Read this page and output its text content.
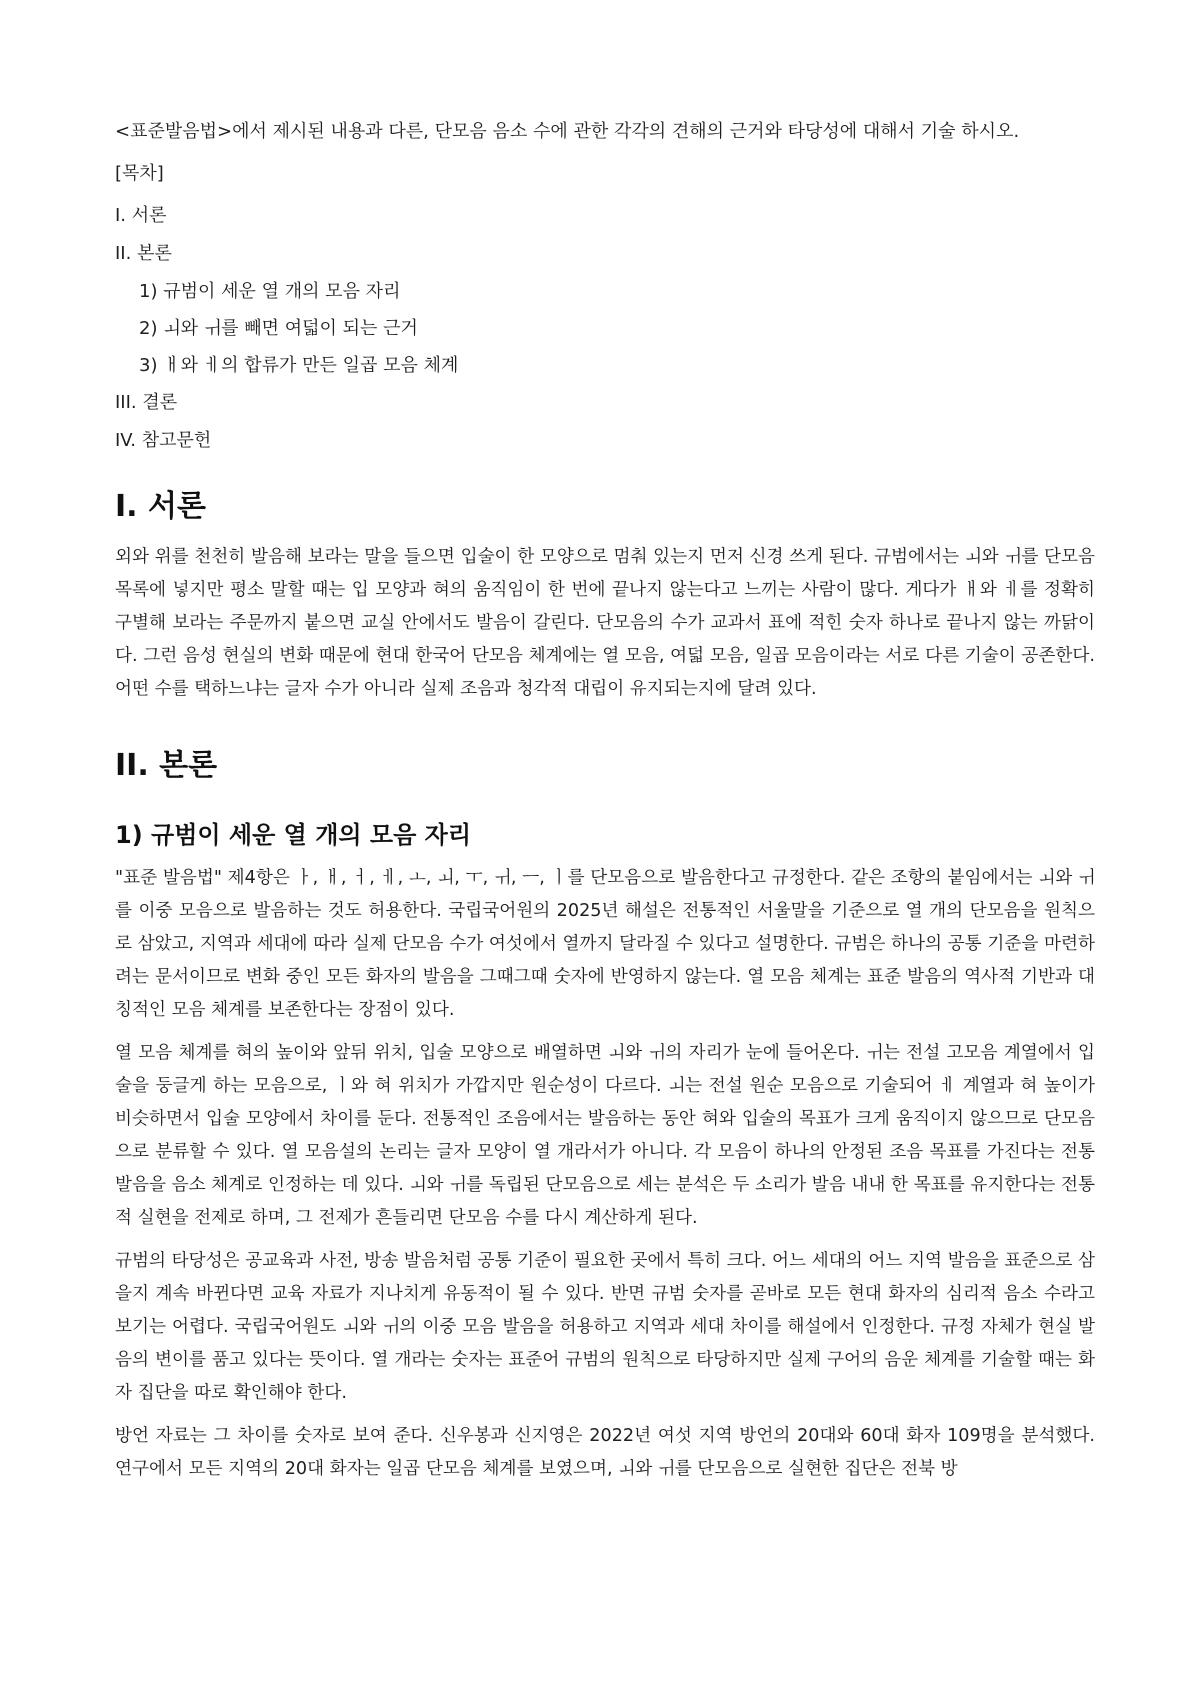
<표준발음법>에서 제시된 내용과 다른, 단모음 음소 수에 관한 각각의 견해의 근거와 타당성에 대해서 기술 하시오.

[목차]

I. 서론
II. 본론
1) 규범이 세운 열 개의 모음 자리
2) ㅚ와 ㅟ를 빼면 여덟이 되는 근거
3) ㅐ와 ㅔ의 합류가 만든 일곱 모음 체계
III. 결론
IV. 참고문헌
I. 서론

외와 위를 천천히 발음해 보라는 말을 들으면 입술이 한 모양으로 멈춰 있는지 먼저 신경 쓰게 된다. 규범에서는 ㅚ와 ㅟ를 단모음 목록에 넣지만 평소 말할 때는 입 모양과 혀의 움직임이 한 번에 끝나지 않는다고 느끼는 사람이 많다. 게다가 ㅐ와 ㅔ를 정확히 구별해 보라는 주문까지 붙으면 교실 안에서도 발음이 갈린다. 단모음의 수가 교과서 표에 적힌 숫자 하나로 끝나지 않는 까닭이다. 그런 음성 현실의 변화 때문에 현대 한국어 단모음 체계에는 열 모음, 여덟 모음, 일곱 모음이라는 서로 다른 기술이 공존한다. 어떤 수를 택하느냐는 글자 수가 아니라 실제 조음과 청각적 대립이 유지되는지에 달려 있다.

II. 본론
1) 규범이 세운 열 개의 모음 자리

"표준 발음법" 제4항은 ㅏ, ㅐ, ㅓ, ㅔ, ㅗ, ㅚ, ㅜ, ㅟ, ㅡ, ㅣ를 단모음으로 발음한다고 규정한다. 같은 조항의 붙임에서는 ㅚ와 ㅟ를 이중 모음으로 발음하는 것도 허용한다. 국립국어원의 2025년 해설은 전통적인 서울말을 기준으로 열 개의 단모음을 원칙으로 삼았고, 지역과 세대에 따라 실제 단모음 수가 여섯에서 열까지 달라질 수 있다고 설명한다. 규범은 하나의 공통 기준을 마련하려는 문서이므로 변화 중인 모든 화자의 발음을 그때그때 숫자에 반영하지 않는다. 열 모음 체계는 표준 발음의 역사적 기반과 대칭적인 모음 체계를 보존한다는 장점이 있다.

열 모음 체계를 혀의 높이와 앞뒤 위치, 입술 모양으로 배열하면 ㅚ와 ㅟ의 자리가 눈에 들어온다. ㅟ는 전설 고모음 계열에서 입술을 둥글게 하는 모음으로, ㅣ와 혀 위치가 가깝지만 원순성이 다르다. ㅚ는 전설 원순 모음으로 기술되어 ㅔ 계열과 혀 높이가 비슷하면서 입술 모양에서 차이를 둔다. 전통적인 조음에서는 발음하는 동안 혀와 입술의 목표가 크게 움직이지 않으므로 단모음으로 분류할 수 있다. 열 모음설의 논리는 글자 모양이 열 개라서가 아니다. 각 모음이 하나의 안정된 조음 목표를 가진다는 전통 발음을 음소 체계로 인정하는 데 있다. ㅚ와 ㅟ를 독립된 단모음으로 세는 분석은 두 소리가 발음 내내 한 목표를 유지한다는 전통적 실현을 전제로 하며, 그 전제가 흔들리면 단모음 수를 다시 계산하게 된다.

규범의 타당성은 공교육과 사전, 방송 발음처럼 공통 기준이 필요한 곳에서 특히 크다. 어느 세대의 어느 지역 발음을 표준으로 삼을지 계속 바뀐다면 교육 자료가 지나치게 유동적이 될 수 있다. 반면 규범 숫자를 곧바로 모든 현대 화자의 심리적 음소 수라고 보기는 어렵다. 국립국어원도 ㅚ와 ㅟ의 이중 모음 발음을 허용하고 지역과 세대 차이를 해설에서 인정한다. 규정 자체가 현실 발음의 변이를 품고 있다는 뜻이다. 열 개라는 숫자는 표준어 규범의 원칙으로 타당하지만 실제 구어의 음운 체계를 기술할 때는 화자 집단을 따로 확인해야 한다.

방언 자료는 그 차이를 숫자로 보여 준다. 신우봉과 신지영은 2022년 여섯 지역 방언의 20대와 60대 화자 109명을 분석했다. 연구에서 모든 지역의 20대 화자는 일곱 단모음 체계를 보였으며, ㅚ와 ㅟ를 단모음으로 실현한 집단은 전북 방
